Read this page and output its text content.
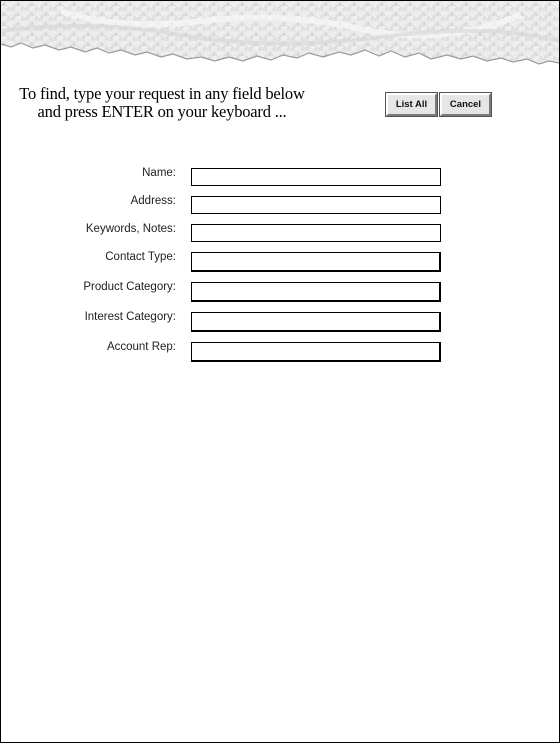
To find, type your request in any field below
and press ENTER on your keyboard ...	List All	Cancel
Name:
Address:
Keywords, Notes:
Contact Type:
Product Category:
Interest Category:
Account Rep:
